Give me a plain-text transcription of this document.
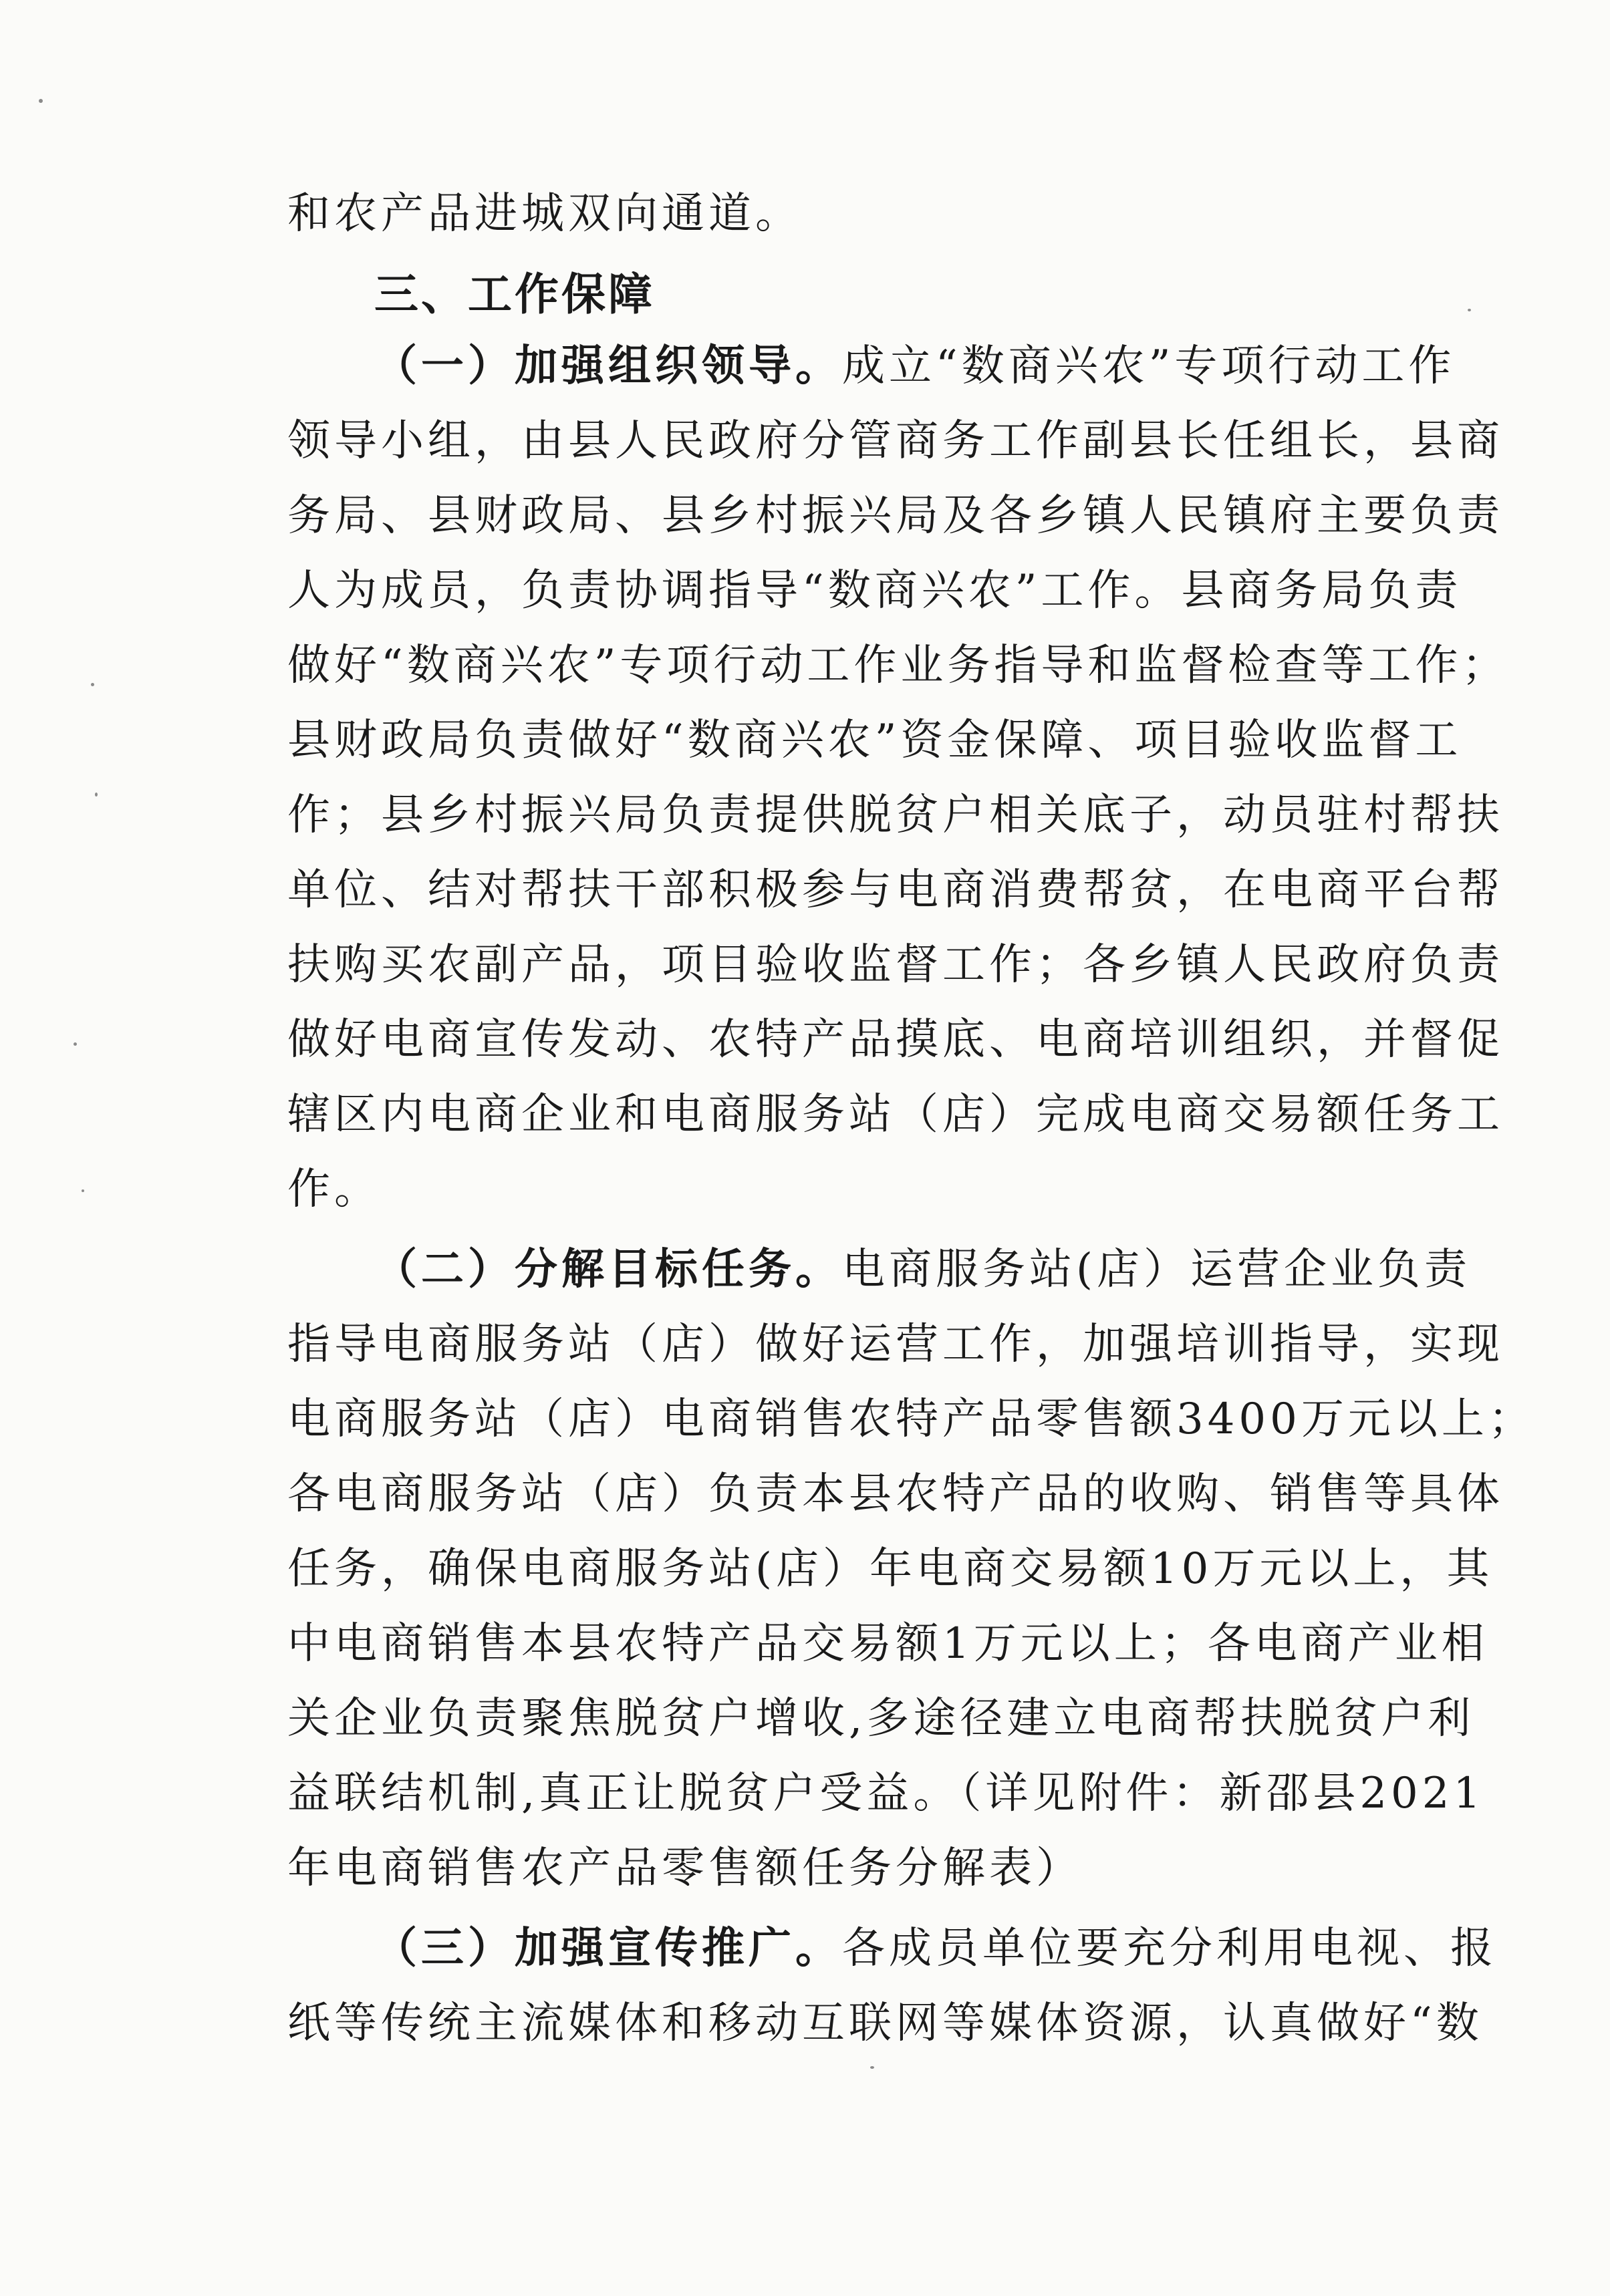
和农产品进城双向通道。
三、工作保障
（一）加强组织领导。成立“数商兴农”专项行动工作
领导小组，由县人民政府分管商务工作副县长任组长，县商
务局、县财政局、县乡村振兴局及各乡镇人民镇府主要负责
人为成员，负责协调指导“数商兴农”工作。县商务局负责
做好“数商兴农”专项行动工作业务指导和监督检查等工作；
县财政局负责做好“数商兴农”资金保障、项目验收监督工
作；县乡村振兴局负责提供脱贫户相关底子，动员驻村帮扶
单位、结对帮扶干部积极参与电商消费帮贫，在电商平台帮
扶购买农副产品，项目验收监督工作；各乡镇人民政府负责
做好电商宣传发动、农特产品摸底、电商培训组织，并督促
辖区内电商企业和电商服务站（店）完成电商交易额任务工
作。
（二）分解目标任务。电商服务站(店）运营企业负责
指导电商服务站（店）做好运营工作，加强培训指导，实现
电商服务站（店）电商销售农特产品零售额3400万元以上；
各电商服务站（店）负责本县农特产品的收购、销售等具体
任务，确保电商服务站(店）年电商交易额10万元以上，其
中电商销售本县农特产品交易额1万元以上；各电商产业相
关企业负责聚焦脱贫户增收,多途径建立电商帮扶脱贫户利
益联结机制,真正让脱贫户受益。（详见附件：新邵县2021
年电商销售农产品零售额任务分解表）
（三）加强宣传推广。各成员单位要充分利用电视、报
纸等传统主流媒体和移动互联网等媒体资源，认真做好“数
